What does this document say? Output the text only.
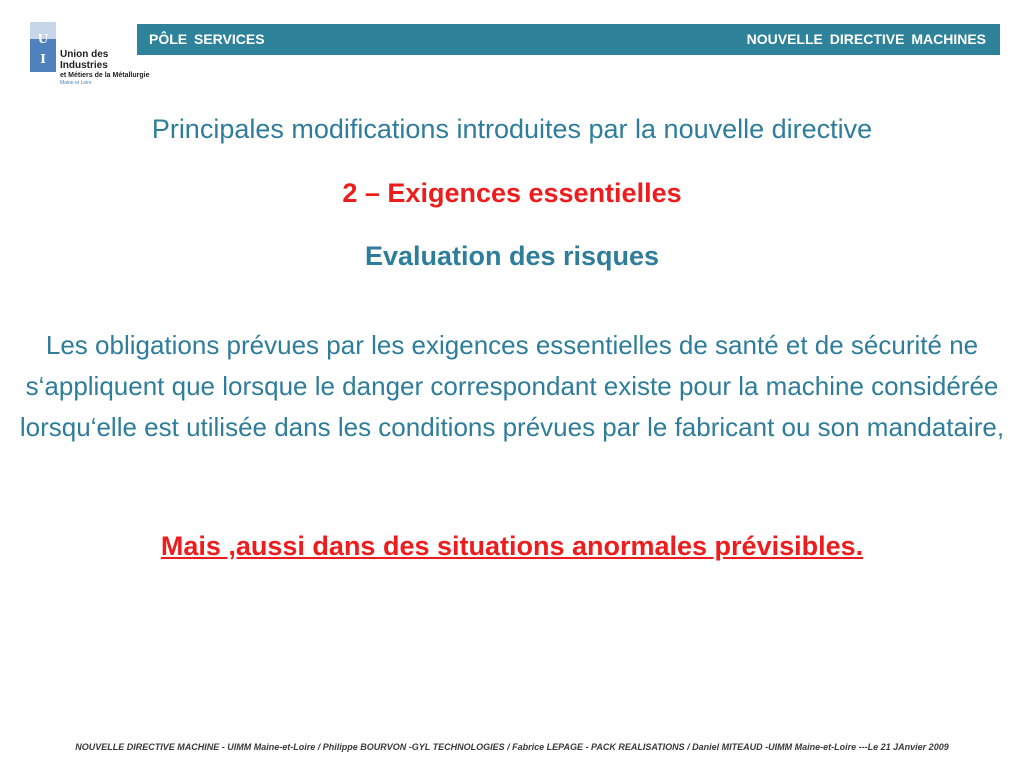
U
I	Union des
Industries
et Métiers de la Métallurgie
Maine et Loire
PÔLE SERVICES	NOUVELLE DIRECTIVE MACHINES
Principales modifications introduites par la nouvelle directive
2 – Exigences essentielles
Evaluation des risques
Les obligations prévues par les exigences essentielles de santé et de sécurité ne s‘appliquent que lorsque le danger correspondant existe pour la machine considérée lorsqu‘elle est utilisée dans les conditions prévues par le fabricant ou son mandataire,
Mais ,aussi dans des situations anormales prévisibles.
NOUVELLE DIRECTIVE MACHINE - UIMM Maine-et-Loire / Philippe BOURVON -GYL TECHNOLOGIES / Fabrice LEPAGE - PACK REALISATIONS / Daniel MITEAUD -UIMM Maine-et-Loire ---Le 21 JAnvier 2009
